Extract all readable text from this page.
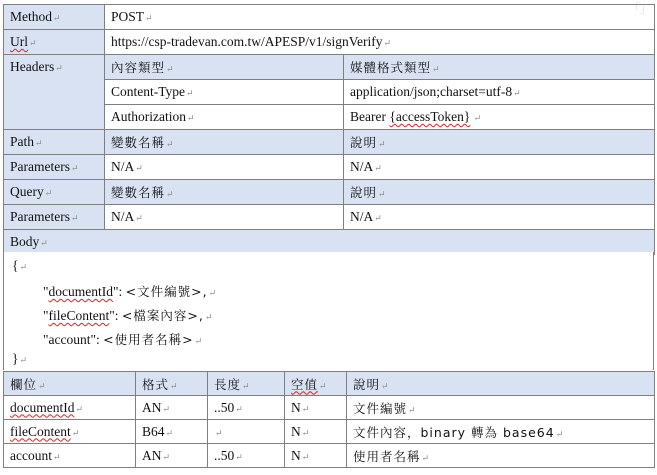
「」
Method↵	POST↵	
Url↵	https://csp-tradevan.com.tw/APESP/v1/signVerify↵	
Headers↵	內容類型↵	媒體格式類型↵
	Content-Type↵	application/json;charset=utf-8↵
	Authorization↵	Bearer {accessToken} ↵
Path↵	變數名稱↵	說明↵
Parameters↵	N/A↵	N/A↵
Query↵	變數名稱↵	說明↵
Parameters↵	N/A↵	N/A↵
Body↵		
{↵
"documentId": <文件編號>,↵
"fileContent": <檔案內容>,↵
"account": <使用者名稱>↵
}↵
欄位↵	格式↵	長度↵	空值↵	說明↵
documentId↵	AN↵	..50↵	N↵	文件編號↵
fileContent↵	B64↵	↵	N↵	文件內容，binary 轉為 base64↵
account↵	AN↵	..50↵	N↵	使用者名稱↵
